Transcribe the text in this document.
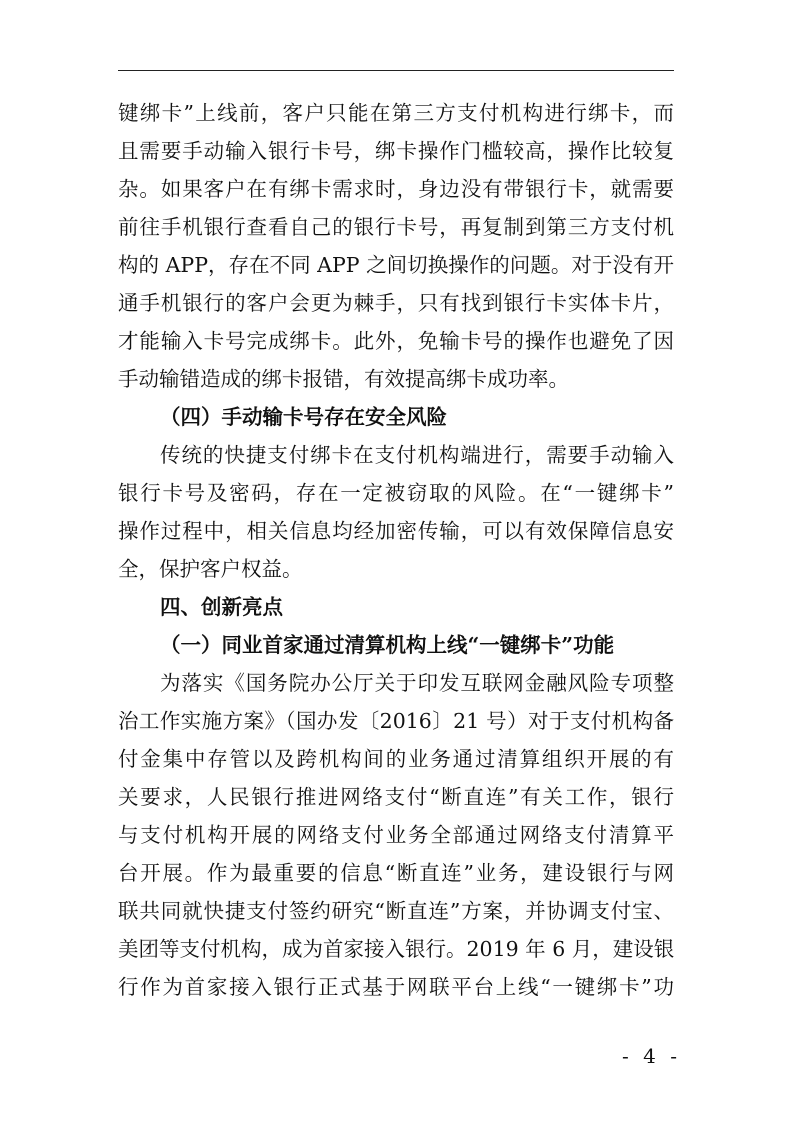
键绑卡”上线前，客户只能在第三方支付机构进行绑卡，而
且需要手动输入银行卡号，绑卡操作门槛较高，操作比较复
杂。如果客户在有绑卡需求时，身边没有带银行卡，就需要
前往手机银行查看自己的银行卡号，再复制到第三方支付机
构的 APP，存在不同 APP 之间切换操作的问题。对于没有开
通手机银行的客户会更为棘手，只有找到银行卡实体卡片，
才能输入卡号完成绑卡。此外，免输卡号的操作也避免了因
手动输错造成的绑卡报错，有效提高绑卡成功率。
（四）手动输卡号存在安全风险
传统的快捷支付绑卡在支付机构端进行，需要手动输入
银行卡号及密码，存在一定被窃取的风险。在“一键绑卡”
操作过程中，相关信息均经加密传输，可以有效保障信息安
全，保护客户权益。
四、创新亮点
（一）同业首家通过清算机构上线“一键绑卡”功能
为落实《国务院办公厅关于印发互联网金融风险专项整
治工作实施方案》（国办发〔2016〕21 号）对于支付机构备
付金集中存管以及跨机构间的业务通过清算组织开展的有
关要求，人民银行推进网络支付“断直连”有关工作，银行
与支付机构开展的网络支付业务全部通过网络支付清算平
台开展。作为最重要的信息“断直连”业务，建设银行与网
联共同就快捷支付签约研究“断直连”方案，并协调支付宝、
美团等支付机构，成为首家接入银行。2019 年 6 月，建设银
行作为首家接入银行正式基于网联平台上线“一键绑卡”功
- 4 -
